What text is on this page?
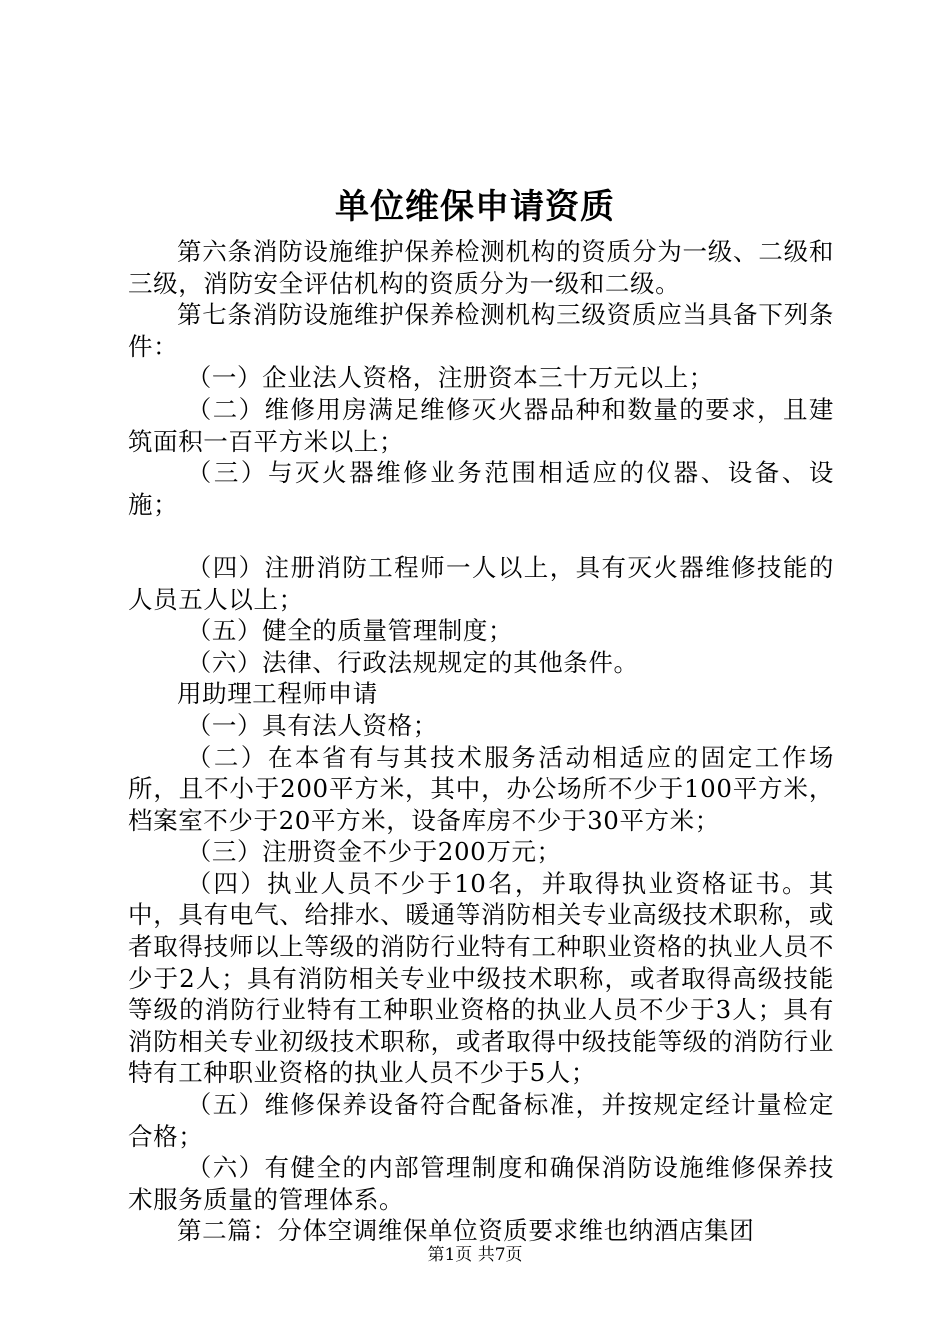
单位维保申请资质

第六条消防设施维护保养检测机构的资质分为一级、二级和三级，消防安全评估机构的资质分为一级和二级。

第七条消防设施维护保养检测机构三级资质应当具备下列条件：

（一）企业法人资格，注册资本三十万元以上；

（二）维修用房满足维修灭火器品种和数量的要求，且建筑面积一百平方米以上；

（三）与灭火器维修业务范围相适应的仪器、设备、设施；

（四）注册消防工程师一人以上，具有灭火器维修技能的人员五人以上；

（五）健全的质量管理制度；

（六）法律、行政法规规定的其他条件。

用助理工程师申请

（一）具有法人资格；

（二）在本省有与其技术服务活动相适应的固定工作场所，且不小于200平方米，其中，办公场所不少于100平方米，档案室不少于20平方米，设备库房不少于30平方米；

（三）注册资金不少于200万元；

（四）执业人员不少于10名，并取得执业资格证书。其中，具有电气、给排水、暖通等消防相关专业高级技术职称，或者取得技师以上等级的消防行业特有工种职业资格的执业人员不少于2人；具有消防相关专业中级技术职称，或者取得高级技能等级的消防行业特有工种职业资格的执业人员不少于3人；具有消防相关专业初级技术职称，或者取得中级技能等级的消防行业特有工种职业资格的执业人员不少于5人；

（五）维修保养设备符合配备标准，并按规定经计量检定合格；

（六）有健全的内部管理制度和确保消防设施维修保养技术服务质量的管理体系。

第二篇：分体空调维保单位资质要求维也纳酒店集团

第1页 共7页
